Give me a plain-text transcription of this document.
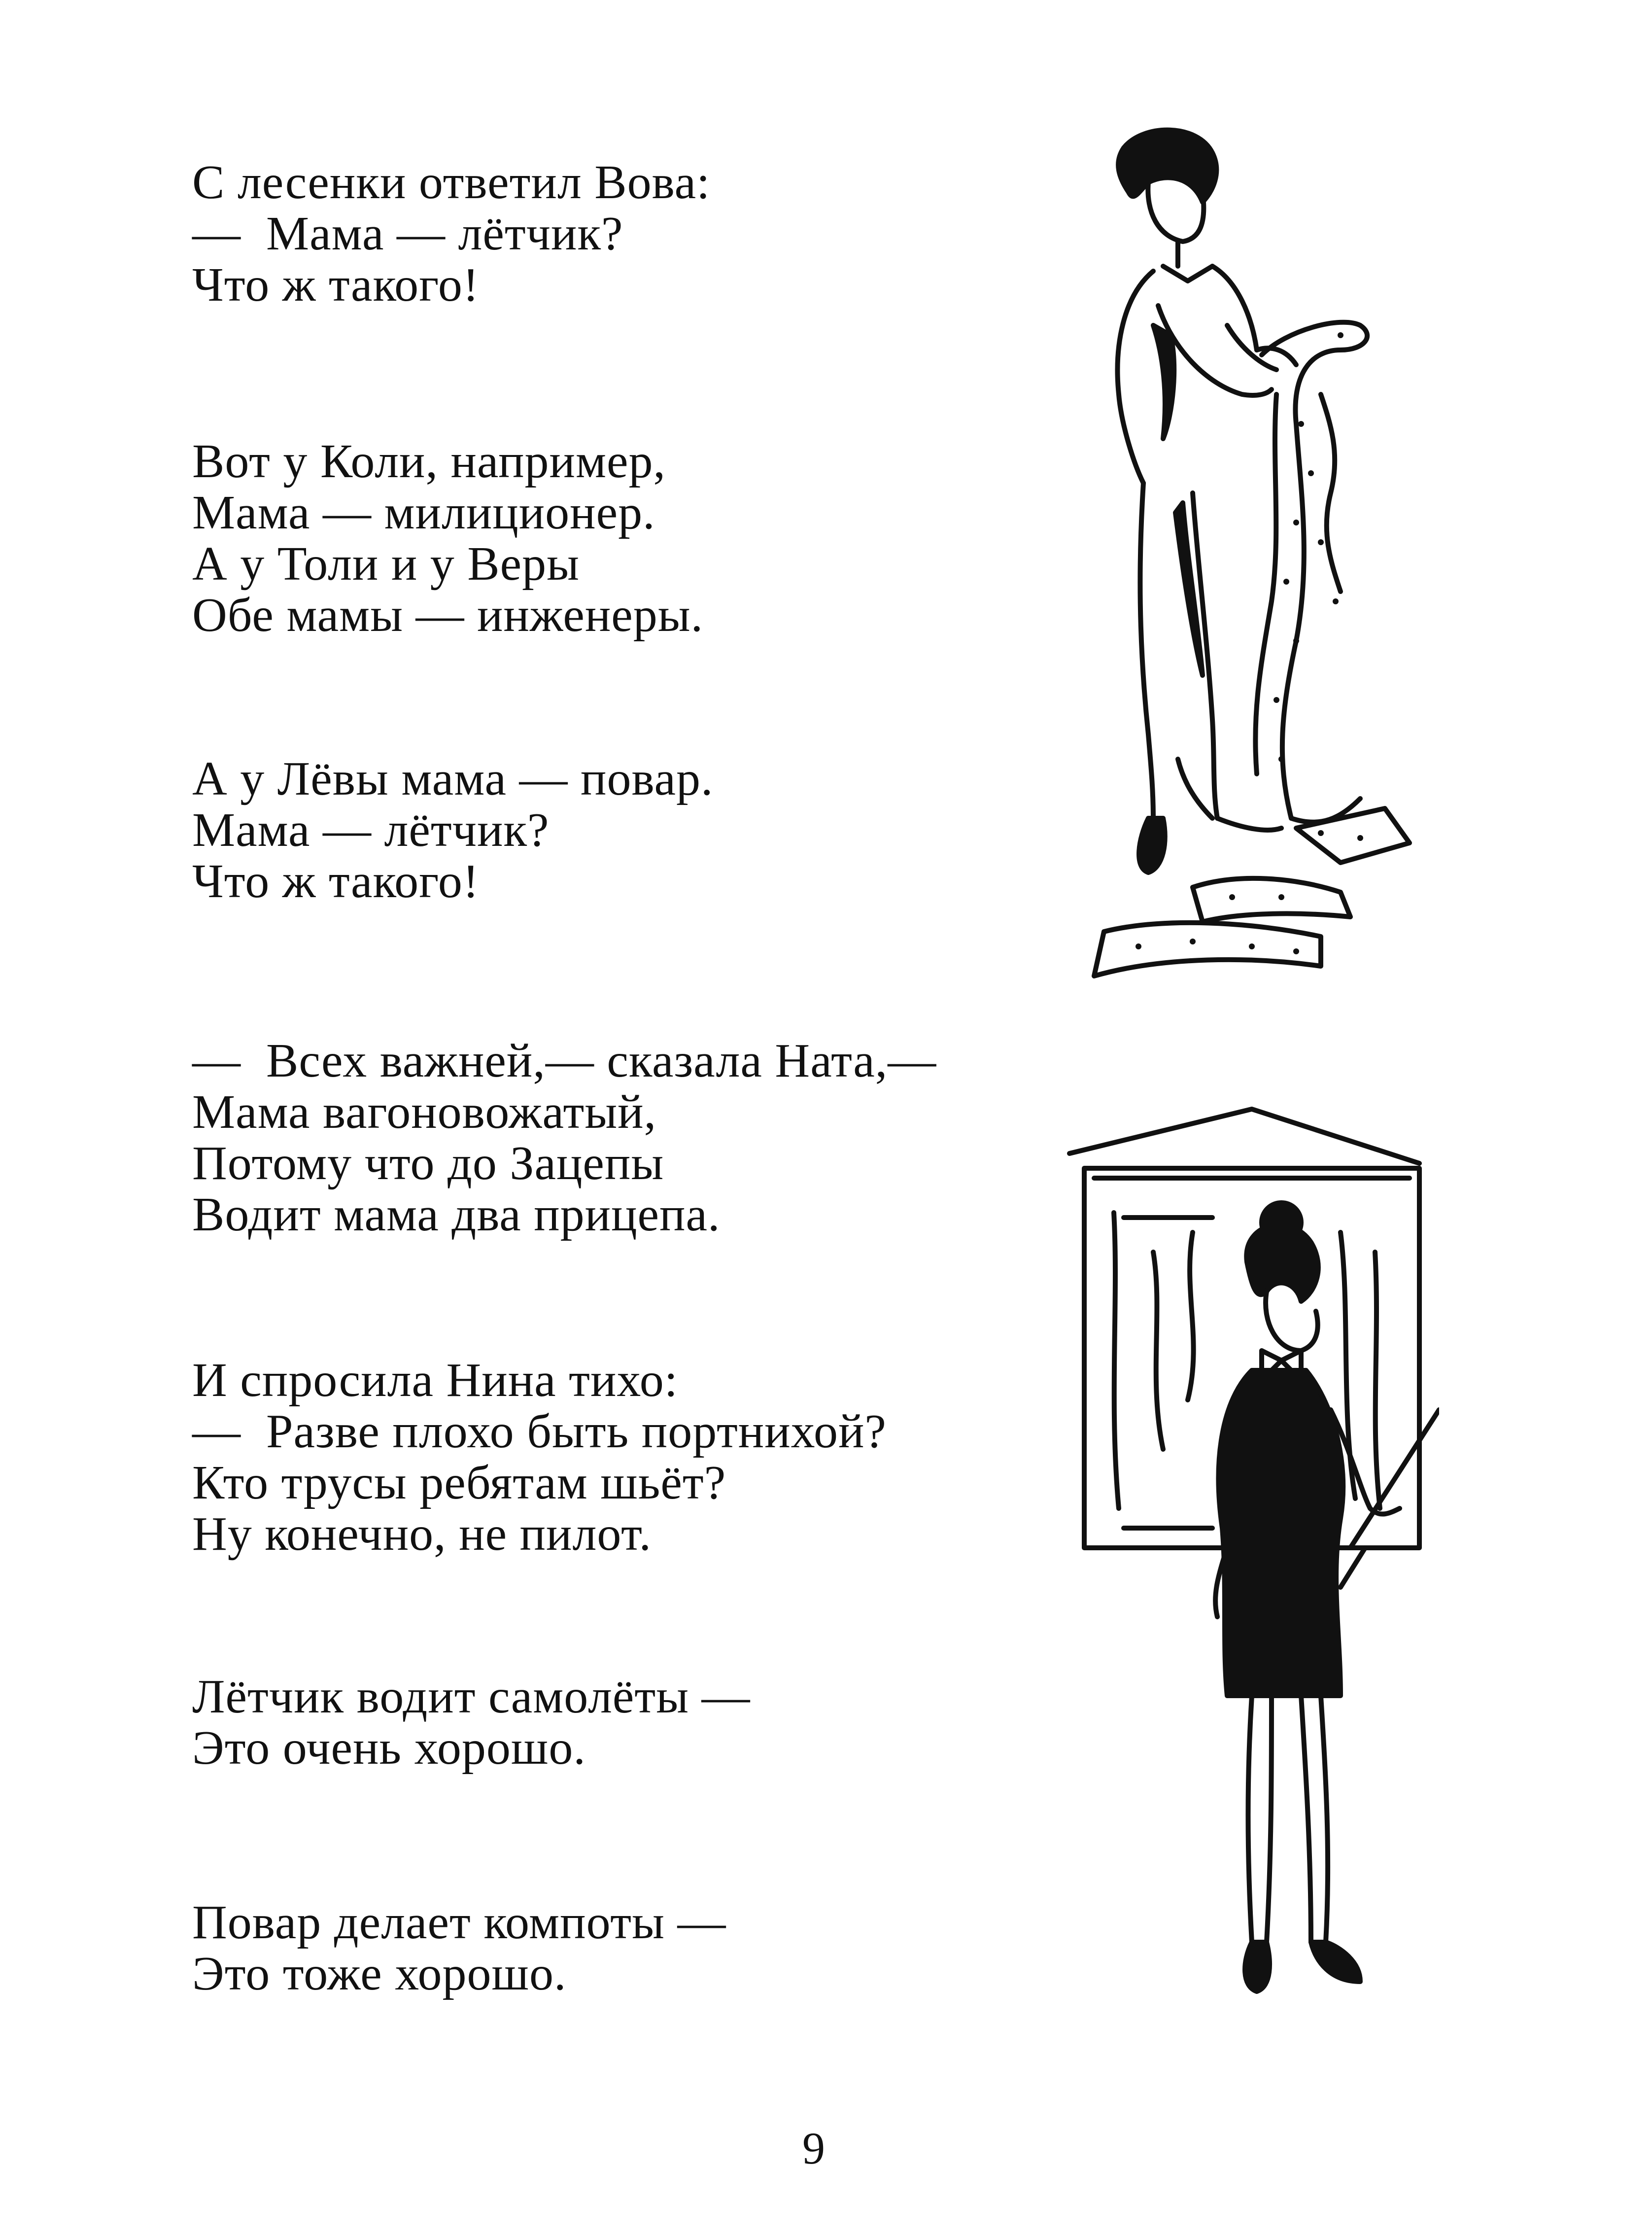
С лесенки ответил Вова:
—  Мама — лётчик?
Что ж такого!
Вот у Коли, например,
Мама — милиционер.
А у Толи и у Веры
Обе мамы — инженеры.
А у Лёвы мама — повар.
Мама — лётчик?
Что ж такого!
—  Всех важней,— сказала Ната,—
Мама вагоновожатый,
Потому что до Зацепы
Водит мама два прицепа.
И спросила Нина тихо:
—  Разве плохо быть портнихой?
Кто трусы ребятам шьёт?
Ну конечно, не пилот.
Лётчик водит самолёты —
Это очень хорошо.
Повар делает компоты —
Это тоже хорошо.
9
